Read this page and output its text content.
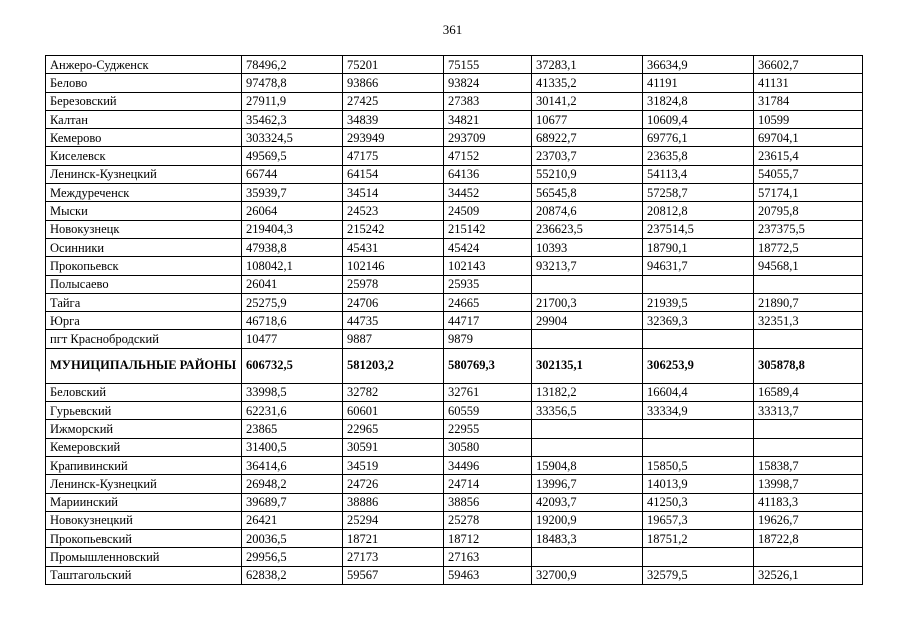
361
Анжеро-Судженск	78496,2	75201	75155	37283,1	36634,9	36602,7
Белово	97478,8	93866	93824	41335,2	41191	41131
Березовский	27911,9	27425	27383	30141,2	31824,8	31784
Калтан	35462,3	34839	34821	10677	10609,4	10599
Кемерово	303324,5	293949	293709	68922,7	69776,1	69704,1
Киселевск	49569,5	47175	47152	23703,7	23635,8	23615,4
Ленинск-Кузнецкий	66744	64154	64136	55210,9	54113,4	54055,7
Междуреченск	35939,7	34514	34452	56545,8	57258,7	57174,1
Мыски	26064	24523	24509	20874,6	20812,8	20795,8
Новокузнецк	219404,3	215242	215142	236623,5	237514,5	237375,5
Осинники	47938,8	45431	45424	10393	18790,1	18772,5
Прокопьевск	108042,1	102146	102143	93213,7	94631,7	94568,1
Полысаево	26041	25978	25935			
Тайга	25275,9	24706	24665	21700,3	21939,5	21890,7
Юрга	46718,6	44735	44717	29904	32369,3	32351,3
пгт Краснобродский	10477	9887	9879			
МУНИЦИПАЛЬНЫЕ РАЙОНЫ	606732,5	581203,2	580769,3	302135,1	306253,9	305878,8
Беловский	33998,5	32782	32761	13182,2	16604,4	16589,4
Гурьевский	62231,6	60601	60559	33356,5	33334,9	33313,7
Ижморский	23865	22965	22955			
Кемеровский	31400,5	30591	30580			
Крапивинский	36414,6	34519	34496	15904,8	15850,5	15838,7
Ленинск-Кузнецкий	26948,2	24726	24714	13996,7	14013,9	13998,7
Мариинский	39689,7	38886	38856	42093,7	41250,3	41183,3
Новокузнецкий	26421	25294	25278	19200,9	19657,3	19626,7
Прокопьевский	20036,5	18721	18712	18483,3	18751,2	18722,8
Промышленновский	29956,5	27173	27163			
Таштагольский	62838,2	59567	59463	32700,9	32579,5	32526,1
